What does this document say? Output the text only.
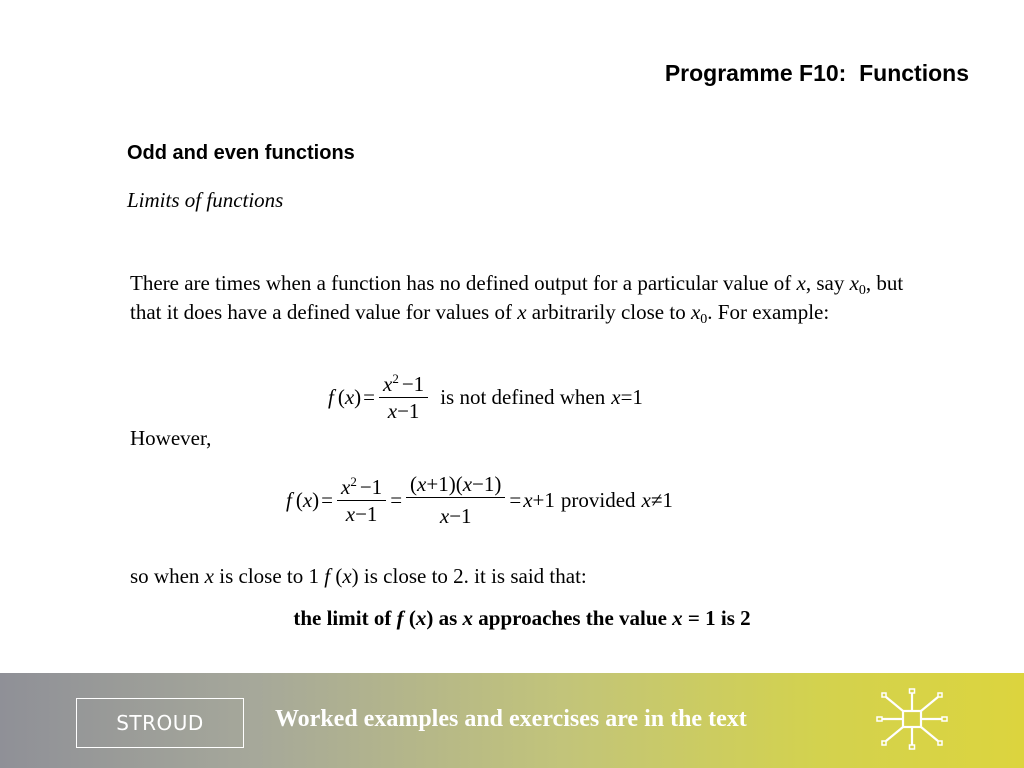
Programme F10:  Functions
Odd and even functions
Limits of functions
There are times when a function has no defined output for a particular value of x, say $x_0$, but that it does have a defined value for values of x arbitrarily close to $x_0$. For example:
f ( x ) = $\frac{x^2 -1}{x-1}$ is not defined when x =1
However,
f ( x ) = $\frac{x^2 -1}{x-1} = \frac{(x+1)(x-1)}{x-1} = x +1$ provided x ≠1
so when x is close to 1 f (x) is close to 2. it is said that:
the limit of f (x) as x approaches the value x = 1 is 2
STROUD	Worked examples and exercises are in the text
